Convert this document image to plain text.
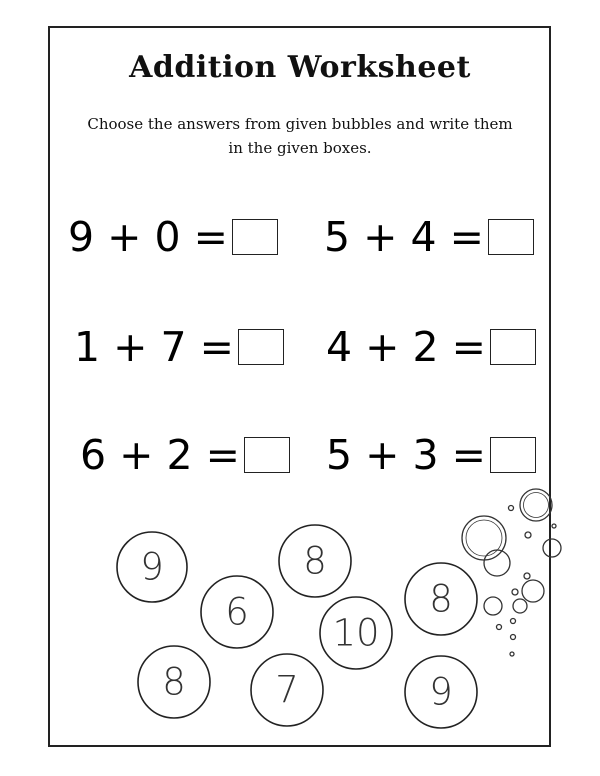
Addition Worksheet
Choose the answers from given bubbles and write them in the given boxes.
9 + 0 = 5 + 4 =
1 + 7 = 4 + 2 =
6 + 2 = 5 + 3 =
9	8
6	8
10
8 7	9
